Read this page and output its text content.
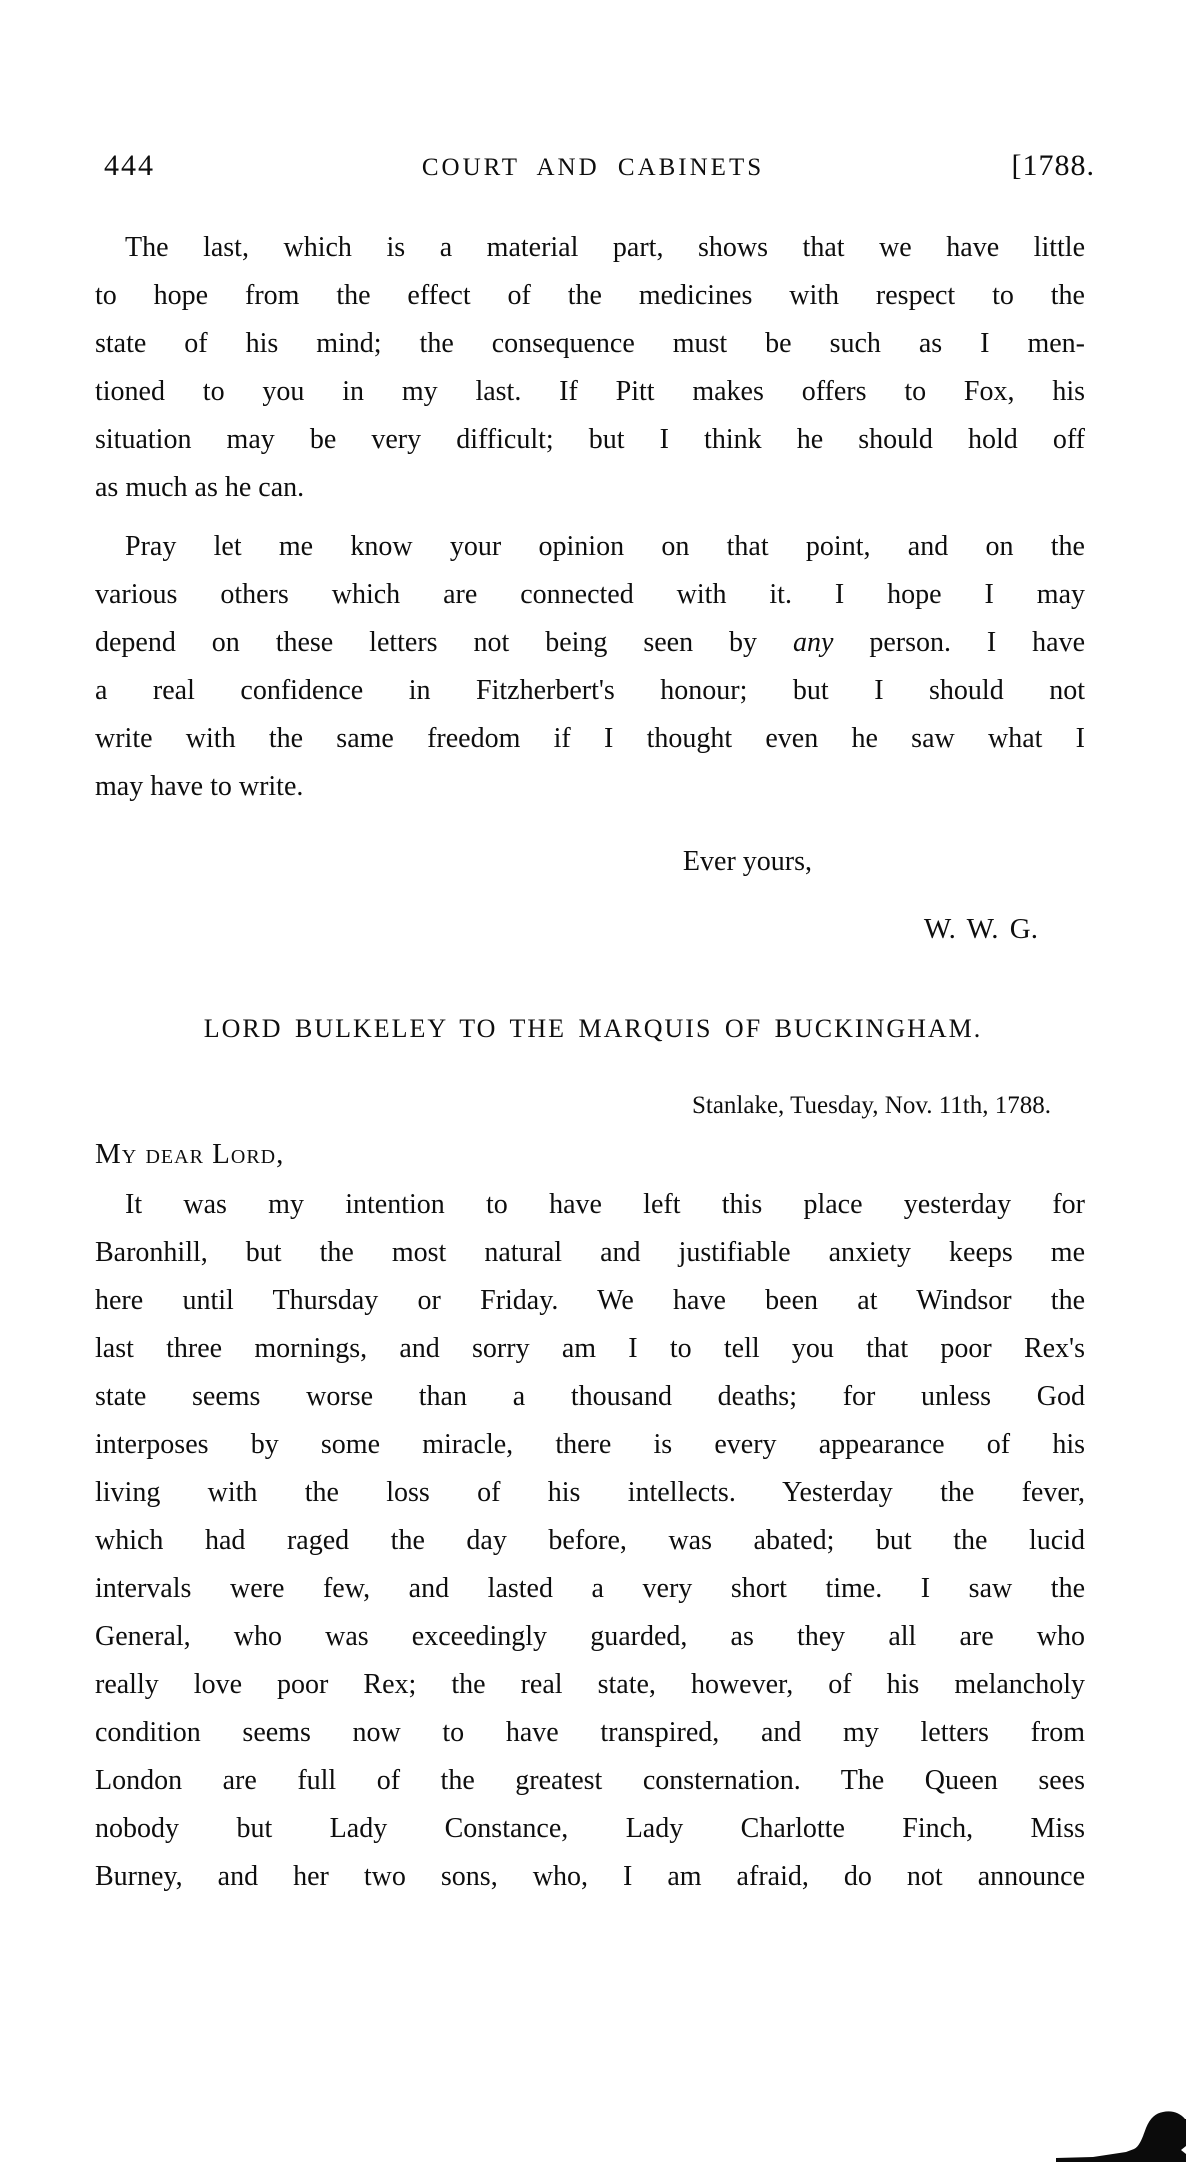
444	COURT AND CABINETS	[1788.
The last, which is a material part, shows that we have little
to hope from the effect of the medicines with respect to the
state of his mind; the consequence must be such as I men-
tioned to you in my last. If Pitt makes offers to Fox, his
situation may be very difficult; but I think he should hold off
as much as he can.
Pray let me know your opinion on that point, and on the
various others which are connected with it. I hope I may
depend on these letters not being seen by any person. I have
a real confidence in Fitzherbert's honour; but I should not
write with the same freedom if I thought even he saw what I
may have to write.
Ever yours,
W. W. G.
LORD BULKELEY TO THE MARQUIS OF BUCKINGHAM.
Stanlake, Tuesday, Nov. 11th, 1788.
My dear Lord,
It was my intention to have left this place yesterday for
Baronhill, but the most natural and justifiable anxiety keeps me
here until Thursday or Friday. We have been at Windsor the
last three mornings, and sorry am I to tell you that poor Rex's
state seems worse than a thousand deaths; for unless God
interposes by some miracle, there is every appearance of his
living with the loss of his intellects. Yesterday the fever,
which had raged the day before, was abated; but the lucid
intervals were few, and lasted a very short time. I saw the
General, who was exceedingly guarded, as they all are who
really love poor Rex; the real state, however, of his melancholy
condition seems now to have transpired, and my letters from
London are full of the greatest consternation. The Queen sees
nobody but Lady Constance, Lady Charlotte Finch, Miss
Burney, and her two sons, who, I am afraid, do not announce
